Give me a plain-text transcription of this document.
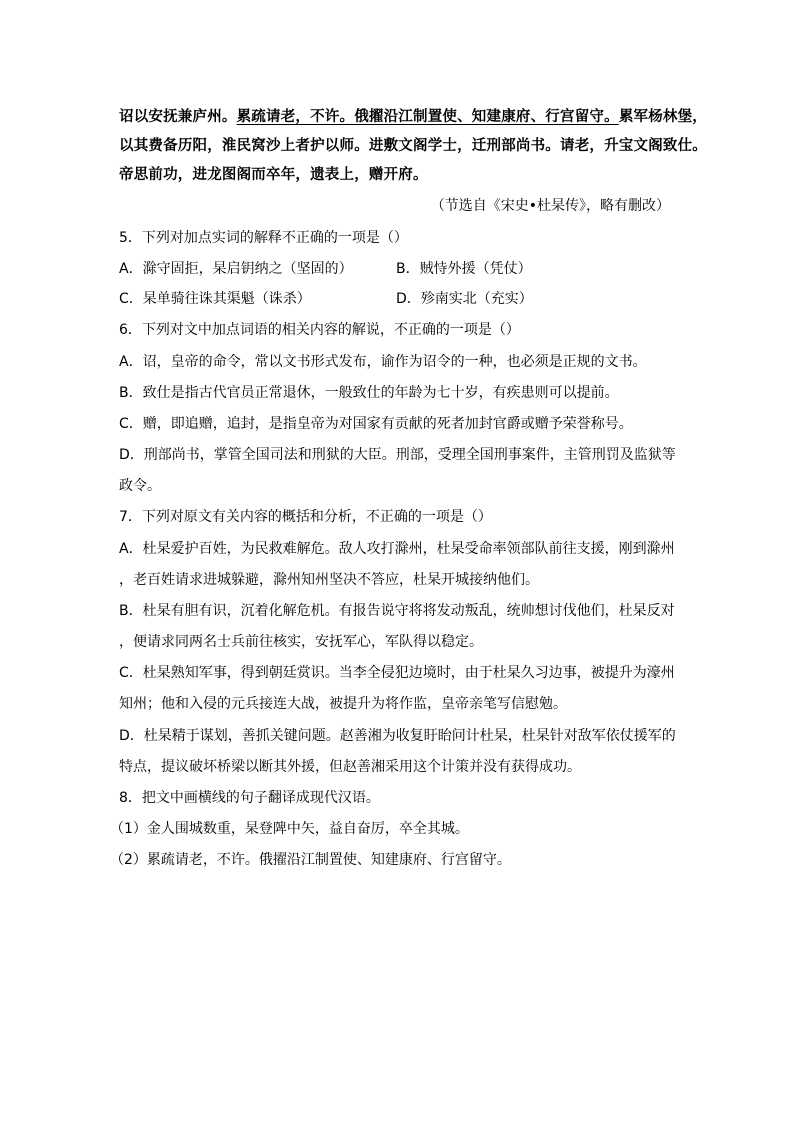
诏以安抚兼庐州。累疏请老，不许。俄擢沿江制置使、知建康府、行宫留守。累军杨林堡，

以其费备历阳，淮民窝沙上者护以师。进敷文阁学士，迁刑部尚书。请老，升宝文阁致仕。

帝思前功，进龙图阁而卒年，遗表上，赠开府。

（节选自《宋史•杜杲传》，略有删改）
5．下列对加点实词的解释不正确的一项是（）
A．滁守固拒，杲启钥纳之（坚固的）	B．贼恃外援（凭仗）
C．杲单骑往诛其渠魁（诛杀）	D．殄南实北（充实）
6．下列对文中加点词语的相关内容的解说，不正确的一项是（）
A．诏，皇帝的命令，常以文书形式发布，谕作为诏令的一种，也必须是正规的文书。
B．致仕是指古代官员正常退休，一般致仕的年龄为七十岁，有疾患则可以提前。
C．赠，即追赠，追封，是指皇帝为对国家有贡献的死者加封官爵或赠予荣誉称号。
D．刑部尚书，掌管全国司法和刑狱的大臣。刑部，受理全国刑事案件，主管刑罚及监狱等
政令。
7．下列对原文有关内容的概括和分析，不正确的一项是（）
A．杜杲爱护百姓，为民救难解危。敌人攻打滁州，杜杲受命率领部队前往支援，刚到滁州
，老百姓请求进城躲避，滁州知州坚决不答应，杜杲开城接纳他们。
B．杜杲有胆有识，沉着化解危机。有报告说守将将发动叛乱，统帅想讨伐他们，杜杲反对
，便请求同两名士兵前往核实，安抚军心，军队得以稳定。
C．杜杲熟知军事，得到朝廷赏识。当李全侵犯边境时，由于杜杲久习边事，被提升为濠州
知州；他和入侵的元兵接连大战，被提升为将作监，皇帝亲笔写信慰勉。
D．杜杲精于谋划，善抓关键问题。赵善湘为收复盱眙问计杜杲，杜杲针对敌军依仗援军的
特点，提议破坏桥梁以断其外援，但赵善湘采用这个计策并没有获得成功。
8．把文中画横线的句子翻译成现代汉语。
（1）金人围城数重，杲登陴中矢，益自奋厉，卒全其城。
（2）累疏请老，不许。俄擢沿江制置使、知建康府、行宫留守。
